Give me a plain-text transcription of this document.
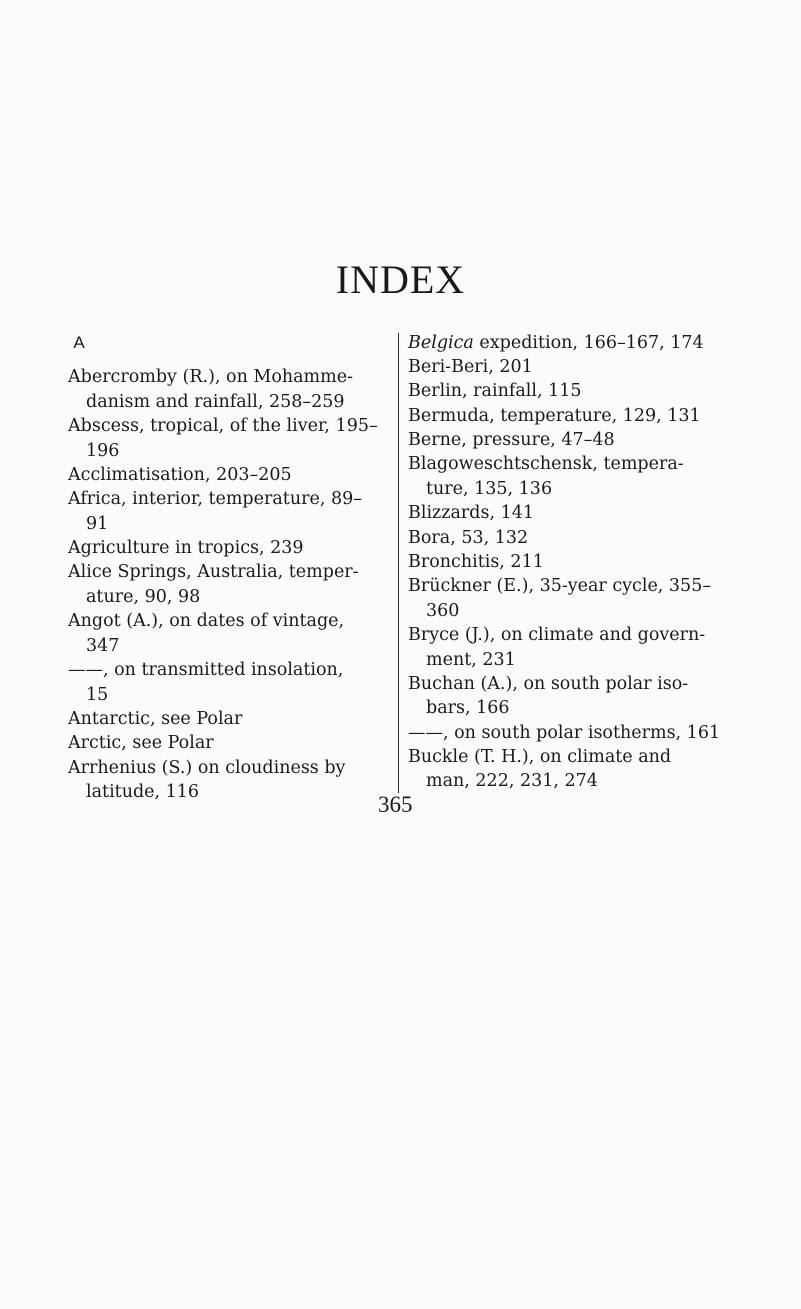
INDEX
A
Abercromby (R.), on Mohamme-
danism and rainfall, 258–259
Abscess, tropical, of the liver, 195–
196
Acclimatisation, 203–205
Africa, interior, temperature, 89–
91
Agriculture in tropics, 239
Alice Springs, Australia, temper-
ature, 90, 98
Angot (A.), on dates of vintage,
347
——, on transmitted insolation,
15
Antarctic, see Polar
Arctic, see Polar
Arrhenius (S.) on cloudiness by
latitude, 116
Belgica expedition, 166–167, 174
Beri-Beri, 201
Berlin, rainfall, 115
Bermuda, temperature, 129, 131
Berne, pressure, 47–48
Blagoweschtschensk, tempera-
ture, 135, 136
Blizzards, 141
Bora, 53, 132
Bronchitis, 211
Brückner (E.), 35-year cycle, 355–
360
Bryce (J.), on climate and govern-
ment, 231
Buchan (A.), on south polar iso-
bars, 166
——, on south polar isotherms, 161
Buckle (T. H.), on climate and
man, 222, 231, 274
365
